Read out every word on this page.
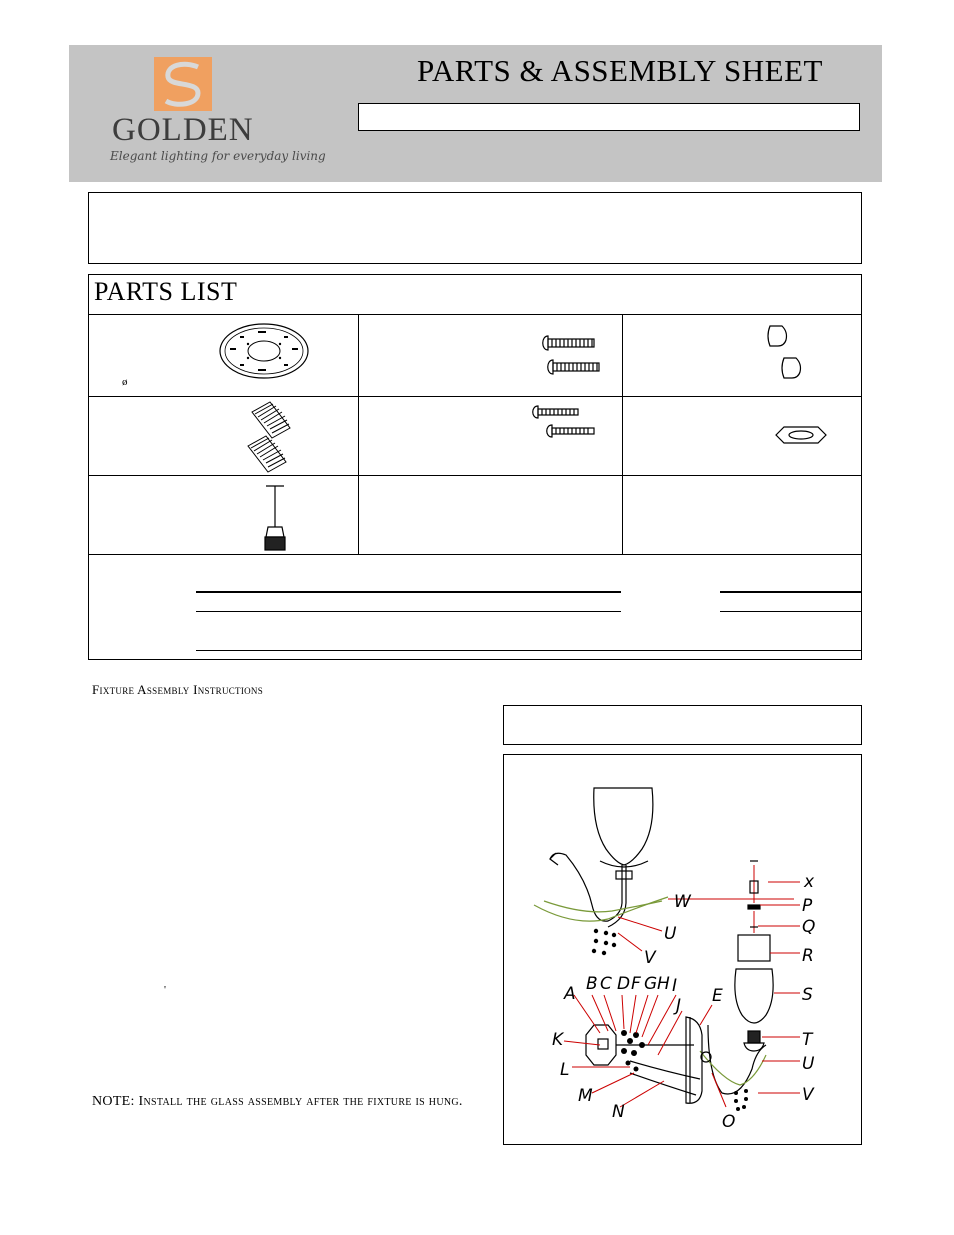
GOLDEN
Elegant lighting for everyday living
PARTS & ASSEMBLY SHEET
PARTS LIST
ø
Fixture Assembly Instructions
'
NOTE: Install the glass assembly after the fixture is hung.
x
P
Q
R
S
T
U
V
W
U
V
A B C D F G H I
J E
K
L
M
N	O
